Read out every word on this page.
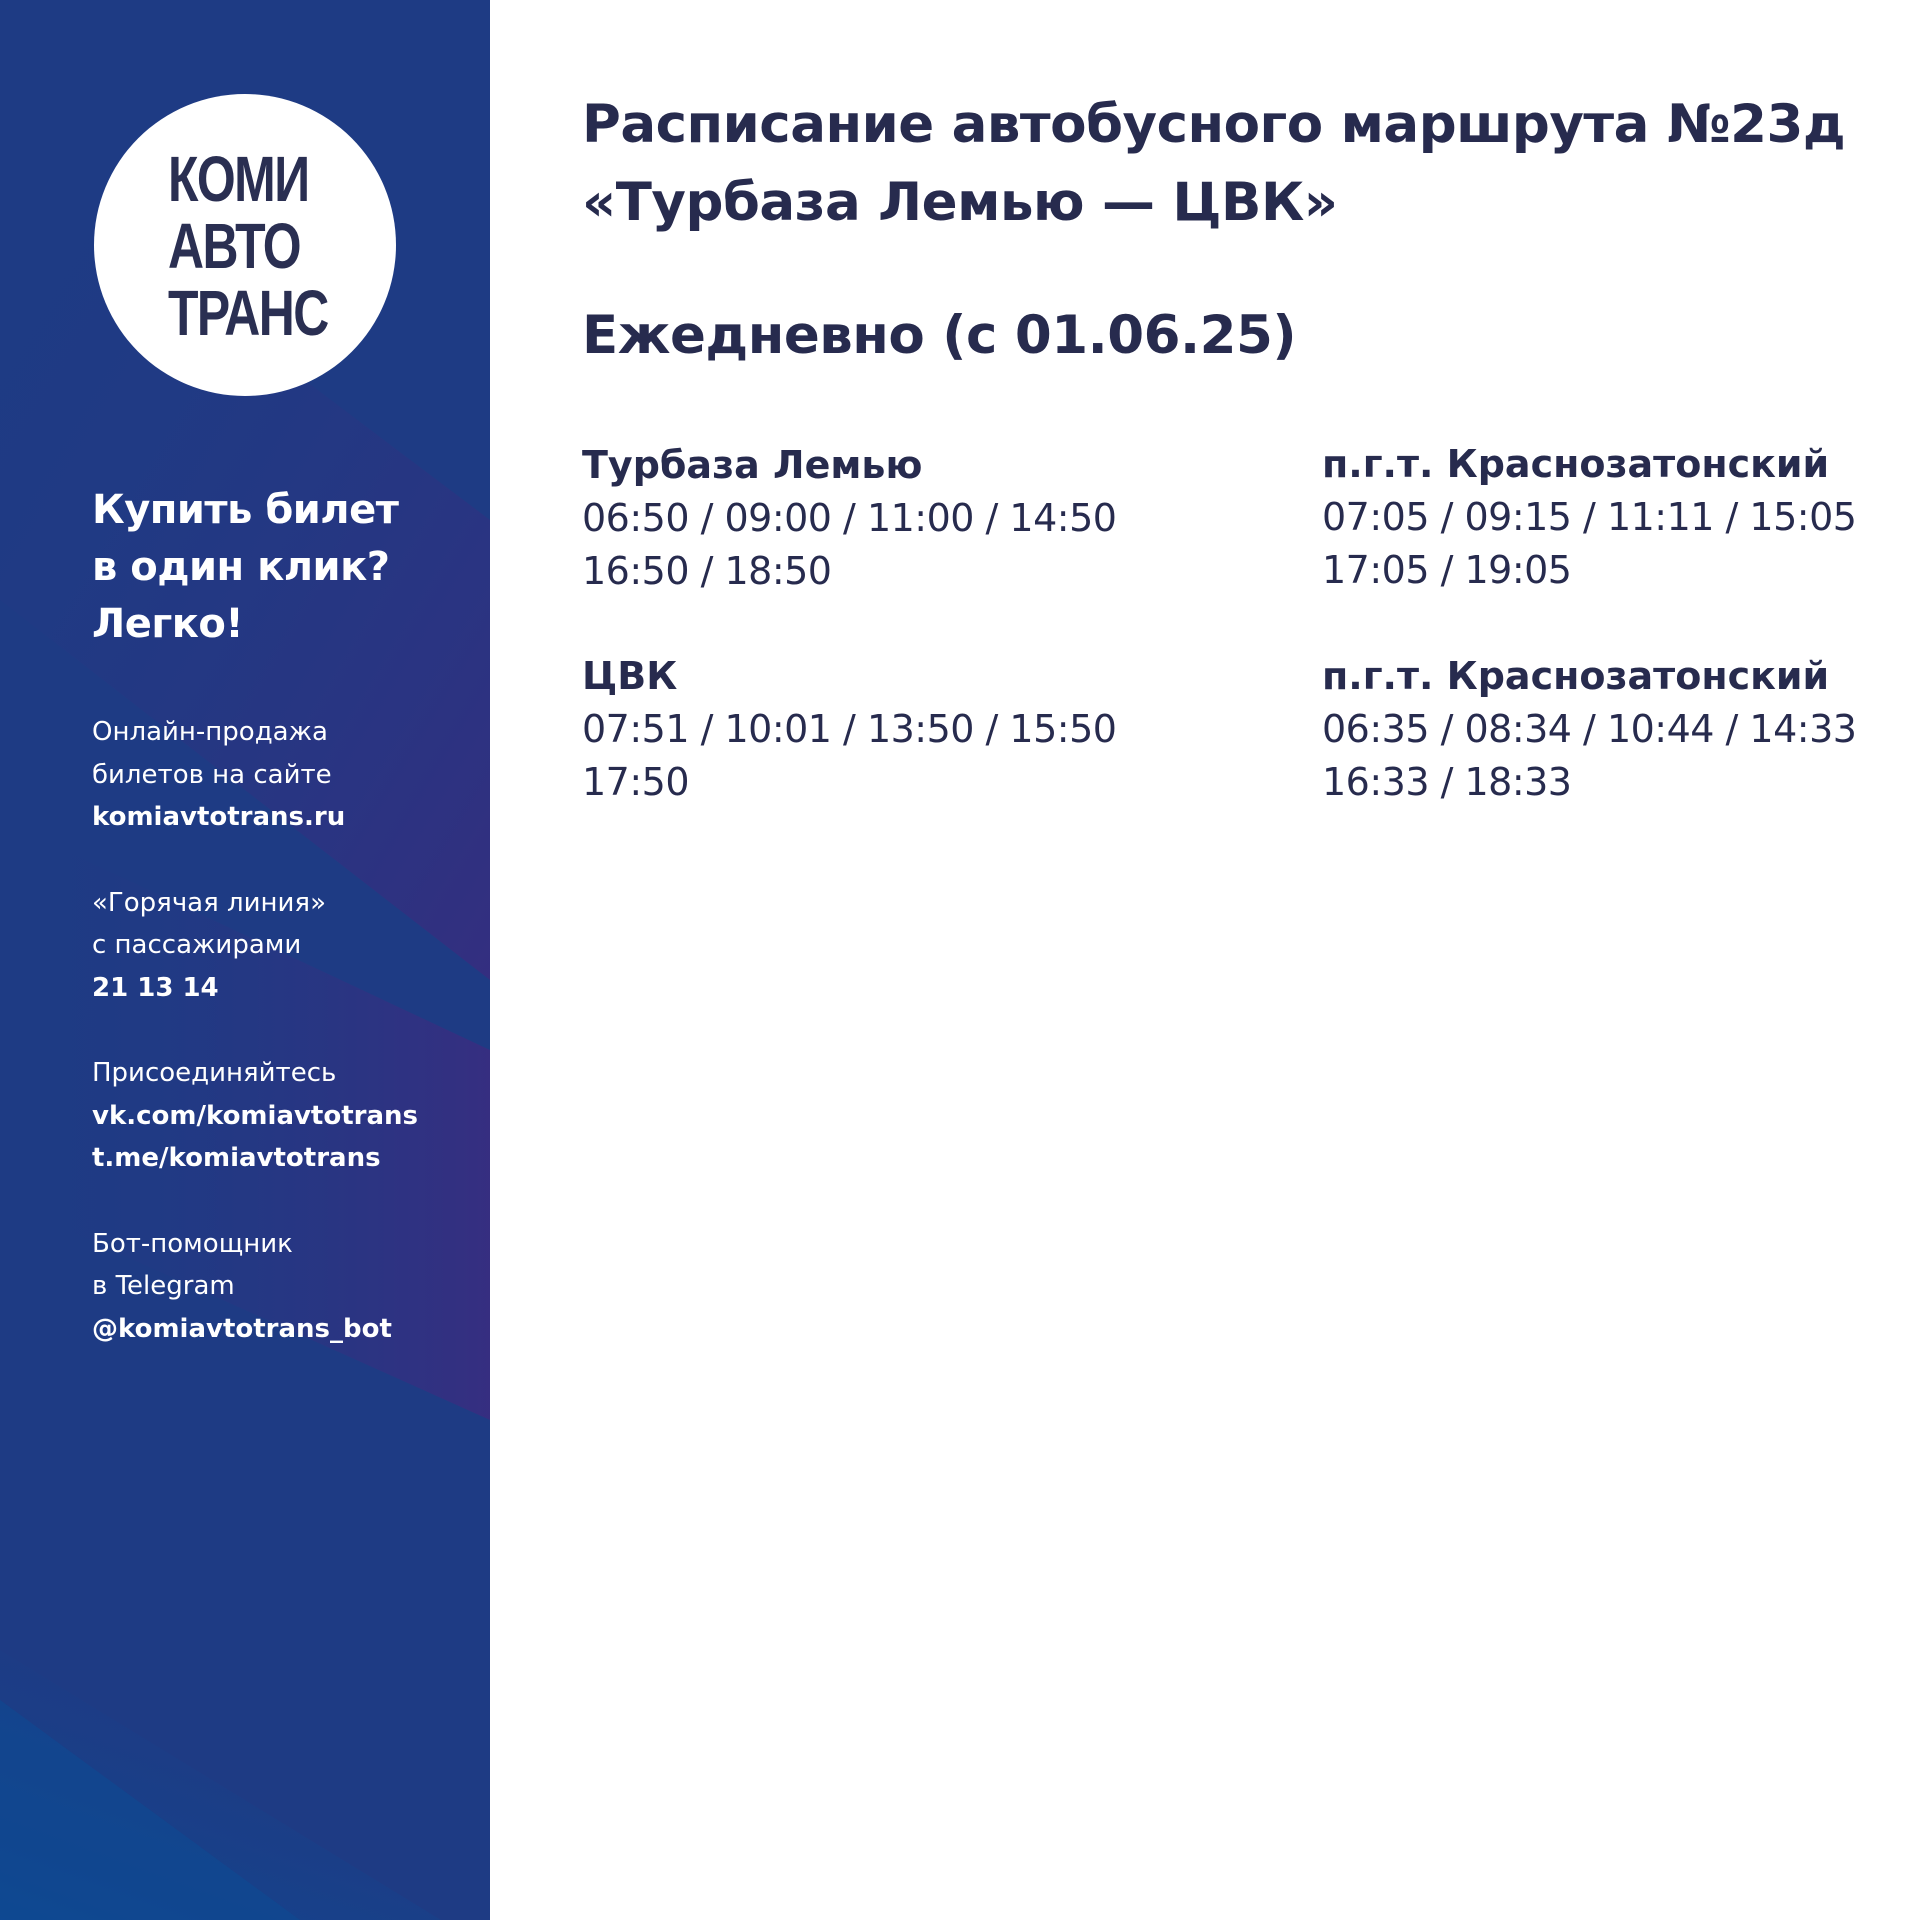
КОМИ
АВТО
ТРАНС
Купить билет
в один клик?
Легко!
Онлайн-продажа
билетов на сайте
komiavtotrans.ru
«Горячая линия»
с пассажирами
21 13 14
Присоединяйтесь
vk.com/komiavtotrans
t.me/komiavtotrans
Бот-помощник
в Telegram
@komiavtotrans_bot
Расписание автобусного маршрута №23д
«Турбаза Лемью — ЦВК»
Ежедневно (с 01.06.25)
Турбаза Лемью
06:50 / 09:00 / 11:00 / 14:50
16:50 / 18:50
п.г.т. Краснозатонский
07:05 / 09:15 / 11:11 / 15:05
17:05 / 19:05
ЦВК
07:51 / 10:01 / 13:50 / 15:50
17:50
п.г.т. Краснозатонский
06:35 / 08:34 / 10:44 / 14:33
16:33 / 18:33
